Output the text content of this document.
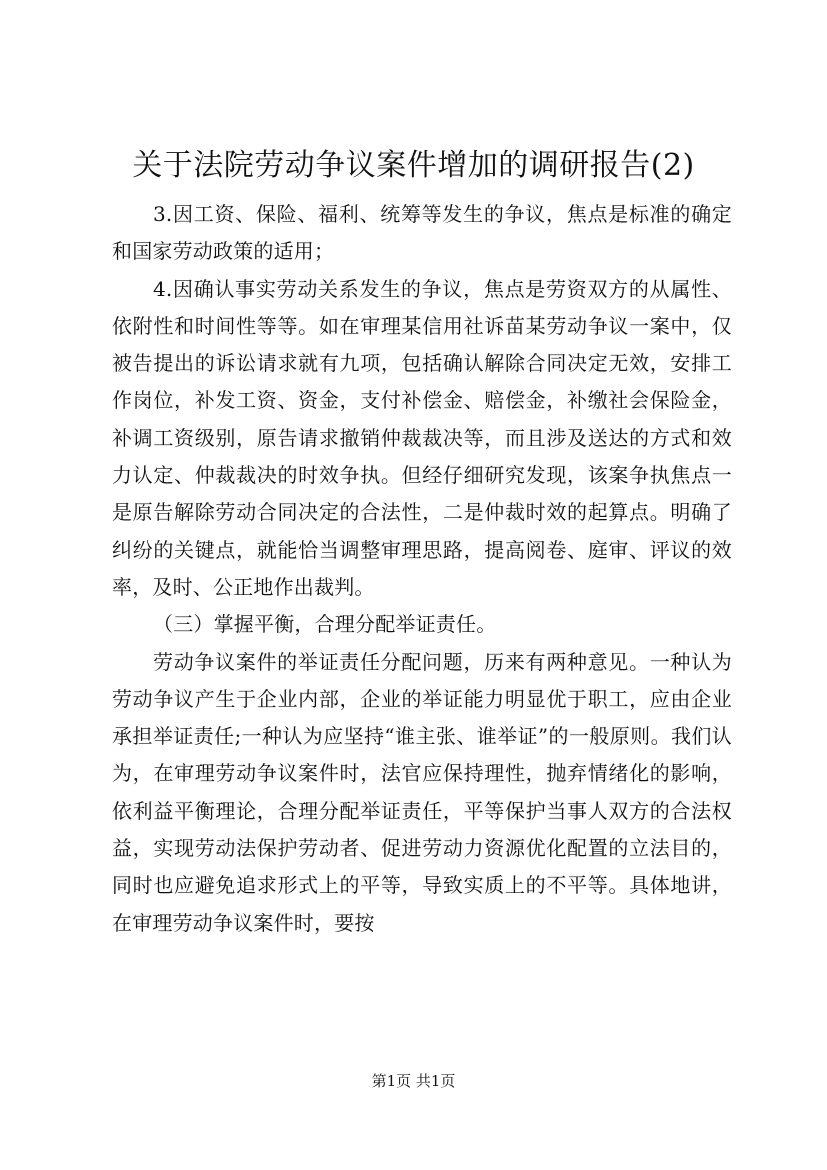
关于法院劳动争议案件增加的调研报告(2)

3.因工资、保险、福利、统筹等发生的争议，焦点是标准的确定和国家劳动政策的适用；

4.因确认事实劳动关系发生的争议，焦点是劳资双方的从属性、依附性和时间性等等。如在审理某信用社诉苗某劳动争议一案中，仅被告提出的诉讼请求就有九项，包括确认解除合同决定无效，安排工作岗位，补发工资、资金，支付补偿金、赔偿金，补缴社会保险金，补调工资级别，原告请求撤销仲裁裁决等，而且涉及送达的方式和效力认定、仲裁裁决的时效争执。但经仔细研究发现，该案争执焦点一是原告解除劳动合同决定的合法性，二是仲裁时效的起算点。明确了纠纷的关键点，就能恰当调整审理思路，提高阅卷、庭审、评议的效率，及时、公正地作出裁判。

（三）掌握平衡，合理分配举证责任。

劳动争议案件的举证责任分配问题，历来有两种意见。一种认为劳动争议产生于企业内部，企业的举证能力明显优于职工，应由企业承担举证责任;一种认为应坚持“谁主张、谁举证”的一般原则。我们认为，在审理劳动争议案件时，法官应保持理性，抛弃情绪化的影响，依利益平衡理论，合理分配举证责任，平等保护当事人双方的合法权益，实现劳动法保护劳动者、促进劳动力资源优化配置的立法目的，同时也应避免追求形式上的平等，导致实质上的不平等。具体地讲，在审理劳动争议案件时，要按

第1页 共1页
